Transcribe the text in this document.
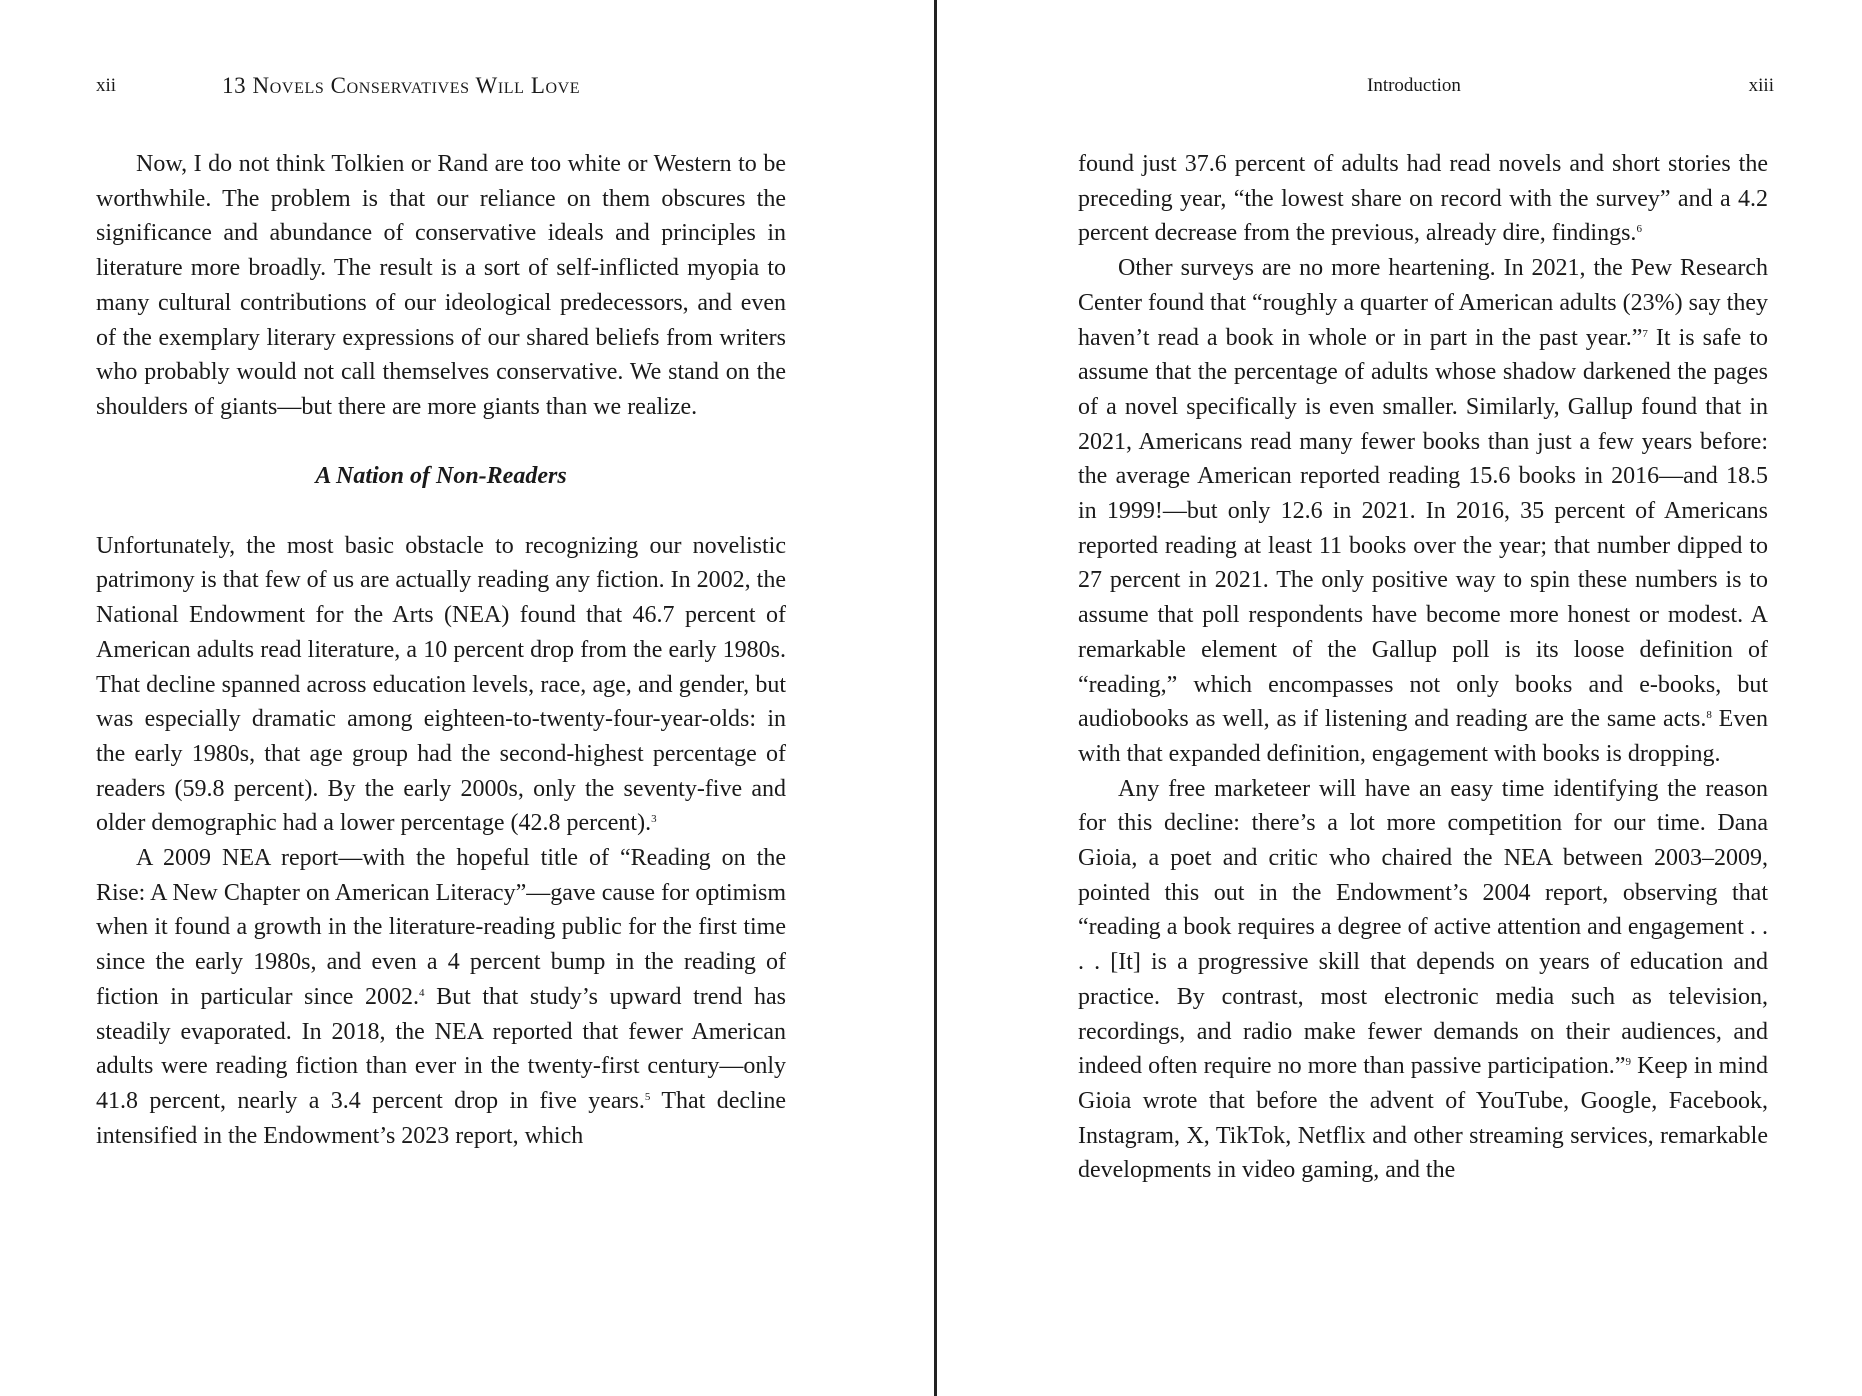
xii	13 Novels Conservatives Will Love

Now, I do not think Tolkien or Rand are too white or Western to be worthwhile. The problem is that our reliance on them obscures the significance and abundance of conservative ideals and principles in literature more broadly. The result is a sort of self-inflicted myopia to many cultural contributions of our ideological predecessors, and even of the exemplary literary expressions of our shared beliefs from writers who probably would not call themselves conservative. We stand on the shoulders of giants—but there are more giants than we realize.

A Nation of Non-Readers

Unfortunately, the most basic obstacle to recognizing our novelistic patrimony is that few of us are actually reading any fiction. In 2002, the National Endowment for the Arts (NEA) found that 46.7 percent of American adults read literature, a 10 percent drop from the early 1980s. That decline spanned across education levels, race, age, and gender, but was especially dramatic among eighteen-to-twenty-four-year-olds: in the early 1980s, that age group had the second-highest percentage of readers (59.8 percent). By the early 2000s, only the seventy-five and older demographic had a lower percentage (42.8 percent).$^3$

A 2009 NEA report—with the hopeful title of “Reading on the Rise: A New Chapter on American Literacy”—gave cause for optimism when it found a growth in the literature-reading public for the first time since the early 1980s, and even a 4 percent bump in the reading of fiction in particular since 2002.$^4$ But that study’s upward trend has steadily evaporated. In 2018, the NEA reported that fewer American adults were reading fiction than ever in the twenty-first century—only 41.8 percent, nearly a 3.4 percent drop in five years.$^5$ That decline intensified in the Endowment’s 2023 report, which

Introduction	xiii

found just 37.6 percent of adults had read novels and short stories the preceding year, “the lowest share on record with the survey” and a 4.2 percent decrease from the previous, already dire, findings.$^6$

Other surveys are no more heartening. In 2021, the Pew Research Center found that “roughly a quarter of American adults (23%) say they haven’t read a book in whole or in part in the past year.”$^7$ It is safe to assume that the percentage of adults whose shadow darkened the pages of a novel specifically is even smaller. Similarly, Gallup found that in 2021, Americans read many fewer books than just a few years before: the average American reported reading 15.6 books in 2016—and 18.5 in 1999!—but only 12.6 in 2021. In 2016, 35 percent of Americans reported reading at least 11 books over the year; that number dipped to 27 percent in 2021. The only positive way to spin these numbers is to assume that poll respondents have become more honest or modest. A remarkable element of the Gallup poll is its loose definition of “reading,” which encompasses not only books and e-books, but audiobooks as well, as if listening and reading are the same acts.$^8$ Even with that expanded definition, engagement with books is dropping.

Any free marketeer will have an easy time identifying the reason for this decline: there’s a lot more competition for our time. Dana Gioia, a poet and critic who chaired the NEA between 2003–2009, pointed this out in the Endowment’s 2004 report, observing that “reading a book requires a degree of active attention and engagement . . . . [It] is a progressive skill that depends on years of education and practice. By contrast, most electronic media such as television, recordings, and radio make fewer demands on their audiences, and indeed often require no more than passive participation.”$^9$ Keep in mind Gioia wrote that before the advent of YouTube, Google, Facebook, Instagram, X, TikTok, Netflix and other streaming services, remarkable developments in video gaming, and the
